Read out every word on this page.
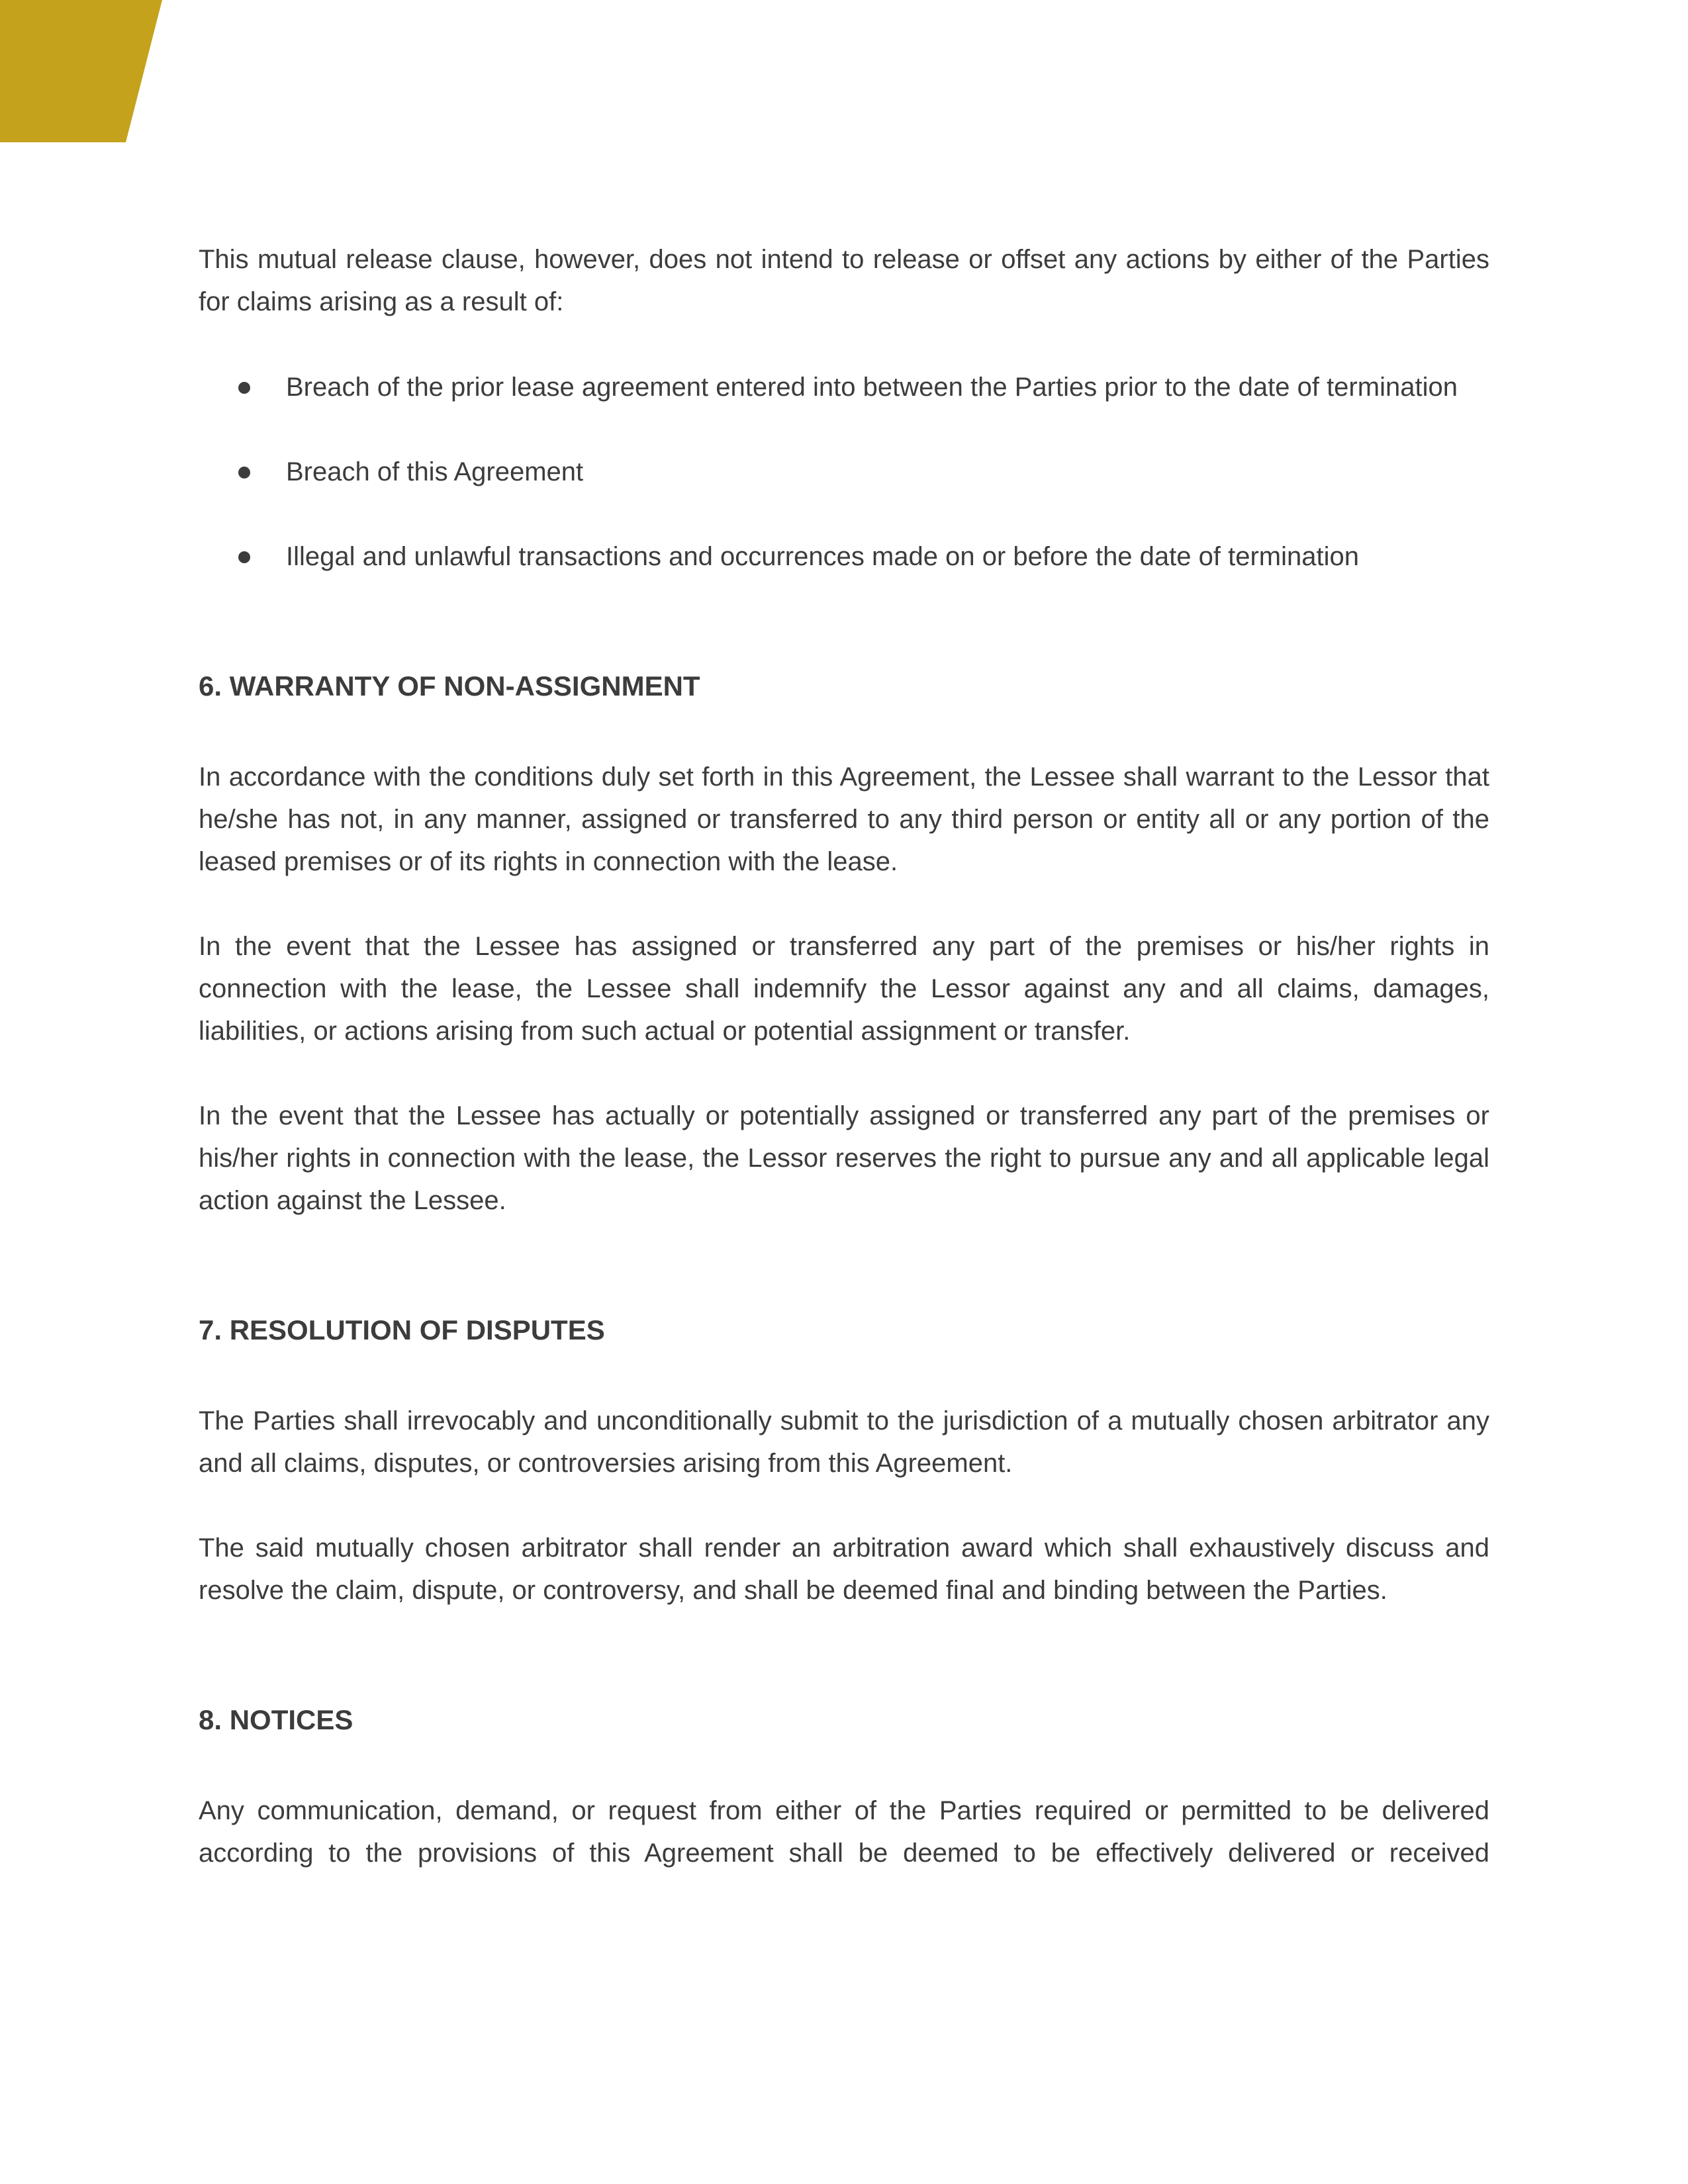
This mutual release clause, however, does not intend to release or offset any actions by either of the Parties for claims arising as a result of:

Breach of the prior lease agreement entered into between the Parties prior to the date of termination
Breach of this Agreement
Illegal and unlawful transactions and occurrences made on or before the date of termination
6. WARRANTY OF NON-ASSIGNMENT

In accordance with the conditions duly set forth in this Agreement, the Lessee shall warrant to the Lessor that he/she has not, in any manner, assigned or transferred to any third person or entity all or any portion of the leased premises or of its rights in connection with the lease.

In the event that the Lessee has assigned or transferred any part of the premises or his/her rights in connection with the lease, the Lessee shall indemnify the Lessor against any and all claims, damages, liabilities, or actions arising from such actual or potential assignment or transfer.

In the event that the Lessee has actually or potentially assigned or transferred any part of the premises or his/her rights in connection with the lease, the Lessor reserves the right to pursue any and all applicable legal action against the Lessee.

7. RESOLUTION OF DISPUTES

The Parties shall irrevocably and unconditionally submit to the jurisdiction of a mutually chosen arbitrator any and all claims, disputes, or controversies arising from this Agreement.

The said mutually chosen arbitrator shall render an arbitration award which shall exhaustively discuss and resolve the claim, dispute, or controversy, and shall be deemed final and binding between the Parties.

8. NOTICES

Any communication, demand, or request from either of the Parties required or permitted to be delivered according to the provisions of this Agreement shall be deemed to be effectively delivered or received
